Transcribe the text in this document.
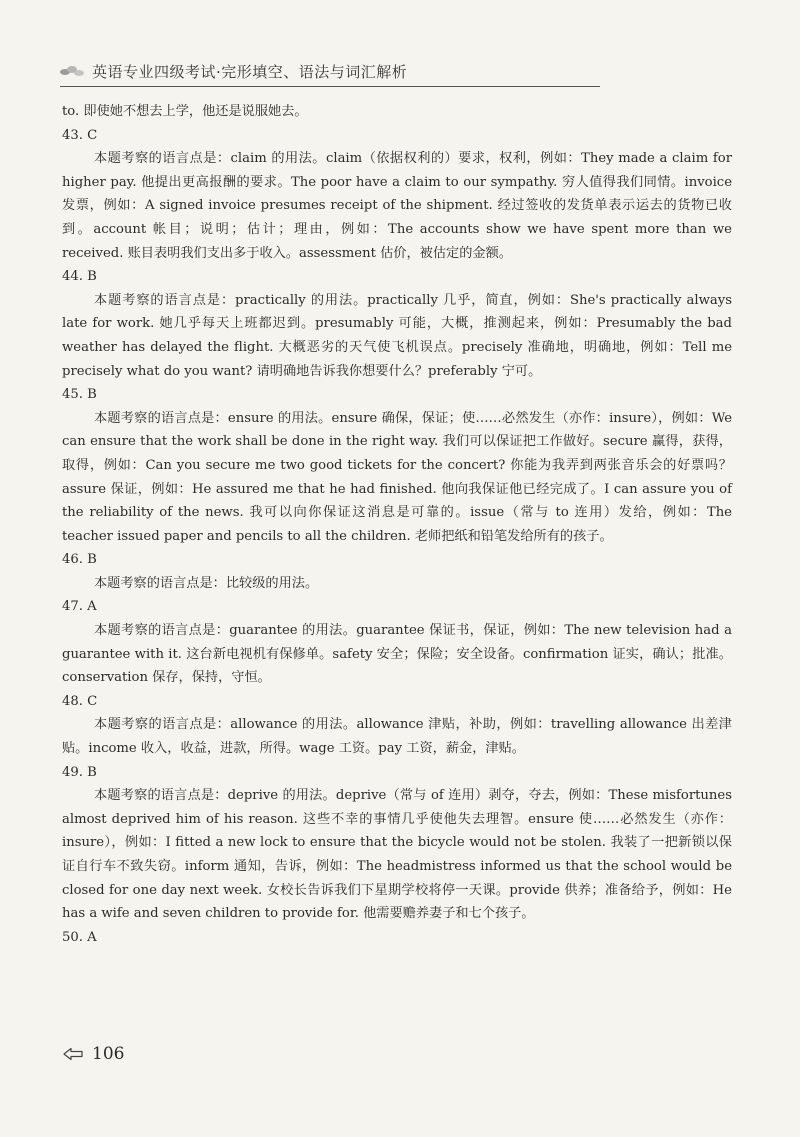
英语专业四级考试·完形填空、语法与词汇解析

to. 即使她不想去上学，他还是说服她去。

43. C

本题考察的语言点是：claim 的用法。claim（依据权利的）要求，权利，例如：They made a claim for higher pay. 他提出更高报酬的要求。The poor have a claim to our sympathy. 穷人值得我们同情。invoice 发票，例如：A signed invoice presumes receipt of the shipment. 经过签收的发货单表示运去的货物已收到。account 帐目；说明；估计；理由，例如：The accounts show we have spent more than we received. 账目表明我们支出多于收入。assessment 估价，被估定的金额。

44. B

本题考察的语言点是：practically 的用法。practically 几乎，简直，例如：She's practically always late for work. 她几乎每天上班都迟到。presumably 可能，大概，推测起来，例如：Presumably the bad weather has delayed the flight. 大概恶劣的天气使飞机误点。precisely 准确地，明确地，例如：Tell me precisely what do you want? 请明确地告诉我你想要什么？preferably 宁可。

45. B

本题考察的语言点是：ensure 的用法。ensure 确保，保证；使……必然发生（亦作：insure），例如：We can ensure that the work shall be done in the right way. 我们可以保证把工作做好。secure 赢得，获得，取得，例如：Can you secure me two good tickets for the concert? 你能为我弄到两张音乐会的好票吗？assure 保证，例如：He assured me that he had finished. 他向我保证他已经完成了。I can assure you of the reliability of the news. 我可以向你保证这消息是可靠的。issue（常与 to 连用）发给，例如：The teacher issued paper and pencils to all the children. 老师把纸和铅笔发给所有的孩子。

46. B

本题考察的语言点是：比较级的用法。

47. A

本题考察的语言点是：guarantee 的用法。guarantee 保证书，保证，例如：The new television had a guarantee with it. 这台新电视机有保修单。safety 安全；保险；安全设备。confirmation 证实，确认；批准。conservation 保存，保持，守恒。

48. C

本题考察的语言点是：allowance 的用法。allowance 津贴，补助，例如：travelling allowance 出差津贴。income 收入，收益，进款，所得。wage 工资。pay 工资，薪金，津贴。

49. B

本题考察的语言点是：deprive 的用法。deprive（常与 of 连用）剥夺，夺去，例如：These misfortunes almost deprived him of his reason. 这些不幸的事情几乎使他失去理智。ensure 使……必然发生（亦作：insure），例如：I fitted a new lock to ensure that the bicycle would not be stolen. 我装了一把新锁以保证自行车不致失窃。inform 通知，告诉，例如：The headmistress informed us that the school would be closed for one day next week. 女校长告诉我们下星期学校将停一天课。provide 供养；准备给予，例如：He has a wife and seven children to provide for. 他需要赡养妻子和七个孩子。

50. A

106
